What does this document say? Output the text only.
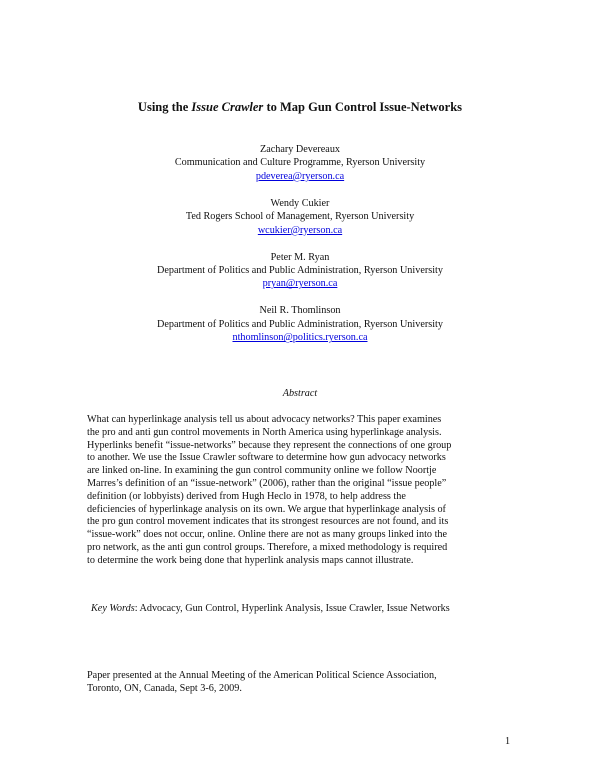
Using the Issue Crawler to Map Gun Control Issue-Networks
Zachary Devereaux
Communication and Culture Programme, Ryerson University
pdeverea@ryerson.ca
Wendy Cukier
Ted Rogers School of Management, Ryerson University
wcukier@ryerson.ca
Peter M. Ryan
Department of Politics and Public Administration, Ryerson University
pryan@ryerson.ca
Neil R. Thomlinson
Department of Politics and Public Administration, Ryerson University
nthomlinson@politics.ryerson.ca
Abstract

What can hyperlinkage analysis tell us about advocacy networks? This paper examines
the pro and anti gun control movements in North America using hyperlinkage analysis.
Hyperlinks benefit “issue-networks” because they represent the connections of one group
to another. We use the Issue Crawler software to determine how gun advocacy networks
are linked on-line. In examining the gun control community online we follow Noortje
Marres’s definition of an “issue-network” (2006), rather than the original “issue people”
definition (or lobbyists) derived from Hugh Heclo in 1978, to help address the
deficiencies of hyperlinkage analysis on its own. We argue that hyperlinkage analysis of
the pro gun control movement indicates that its strongest resources are not found, and its
“issue-work” does not occur, online. Online there are not as many groups linked into the
pro network, as the anti gun control groups. Therefore, a mixed methodology is required
to determine the work being done that hyperlink analysis maps cannot illustrate.

Key Words: Advocacy, Gun Control, Hyperlink Analysis, Issue Crawler, Issue Networks
Paper presented at the Annual Meeting of the American Political Science Association,
Toronto, ON, Canada, Sept 3-6, 2009.
1
